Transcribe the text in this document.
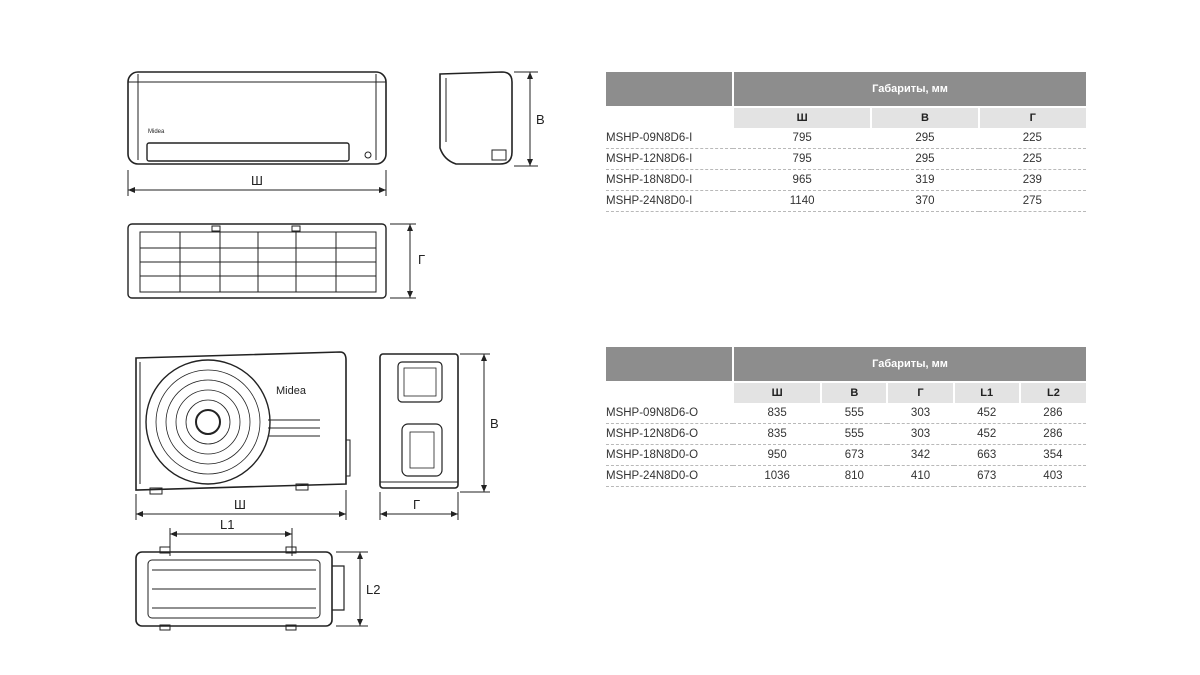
Midea
Ш
В
Г
Midea
Ш
В
Г
L1
L2
	Габариты, мм		
	Ш	В	Г
MSHP-09N8D6-I	795	295	225
MSHP-12N8D6-I	795	295	225
MSHP-18N8D0-I	965	319	239
MSHP-24N8D0-I	1140	370	275
	Габариты, мм				
	Ш	В	Г	L1	L2
MSHP-09N8D6-O	835	555	303	452	286
MSHP-12N8D6-O	835	555	303	452	286
MSHP-18N8D0-O	950	673	342	663	354
MSHP-24N8D0-O	1036	810	410	673	403
